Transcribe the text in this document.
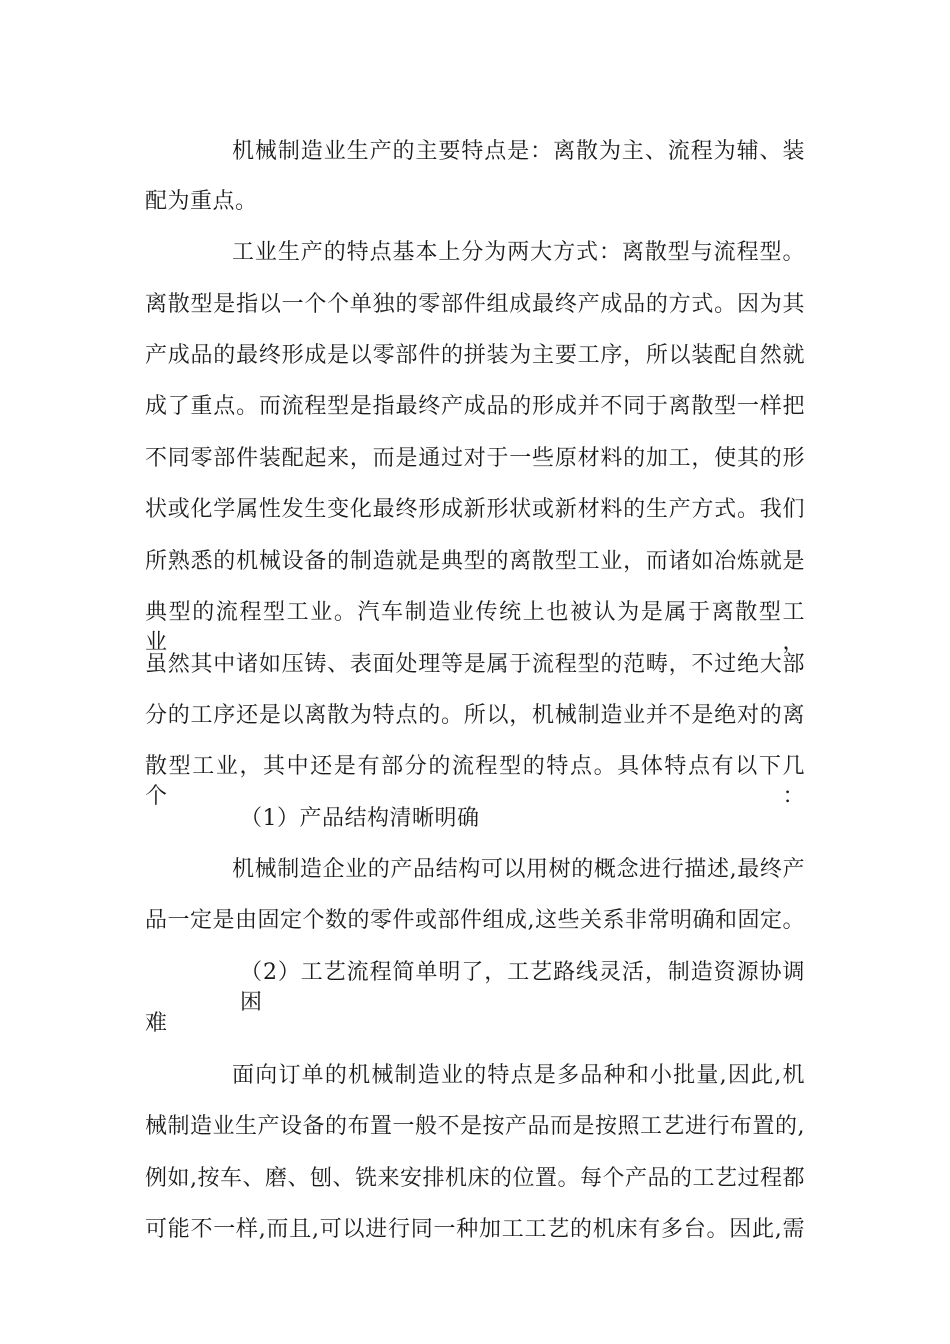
机械制造业生产的主要特点是：离散为主、流程为辅、装
配为重点。
工业生产的特点基本上分为两大方式：离散型与流程型。
离散型是指以一个个单独的零部件组成最终产成品的方式。因为其
产成品的最终形成是以零部件的拼装为主要工序，所以装配自然就
成了重点。而流程型是指最终产成品的形成并不同于离散型一样把
不同零部件装配起来，而是通过对于一些原材料的加工，使其的形
状或化学属性发生变化最终形成新形状或新材料的生产方式。我们
所熟悉的机械设备的制造就是典型的离散型工业，而诸如冶炼就是
典型的流程型工业。汽车制造业传统上也被认为是属于离散型工业，
虽然其中诸如压铸、表面处理等是属于流程型的范畴，不过绝大部
分的工序还是以离散为特点的。所以，机械制造业并不是绝对的离
散型工业，其中还是有部分的流程型的特点。具体特点有以下几个：
（1）产品结构清晰明确
机械制造企业的产品结构可以用树的概念进行描述,最终产
品一定是由固定个数的零件或部件组成,这些关系非常明确和固定。
（2）工艺流程简单明了，工艺路线灵活，制造资源协调困
难
面向订单的机械制造业的特点是多品种和小批量,因此,机
械制造业生产设备的布置一般不是按产品而是按照工艺进行布置的,
例如,按车、磨、刨、铣来安排机床的位置。每个产品的工艺过程都
可能不一样,而且,可以进行同一种加工工艺的机床有多台。因此,需
